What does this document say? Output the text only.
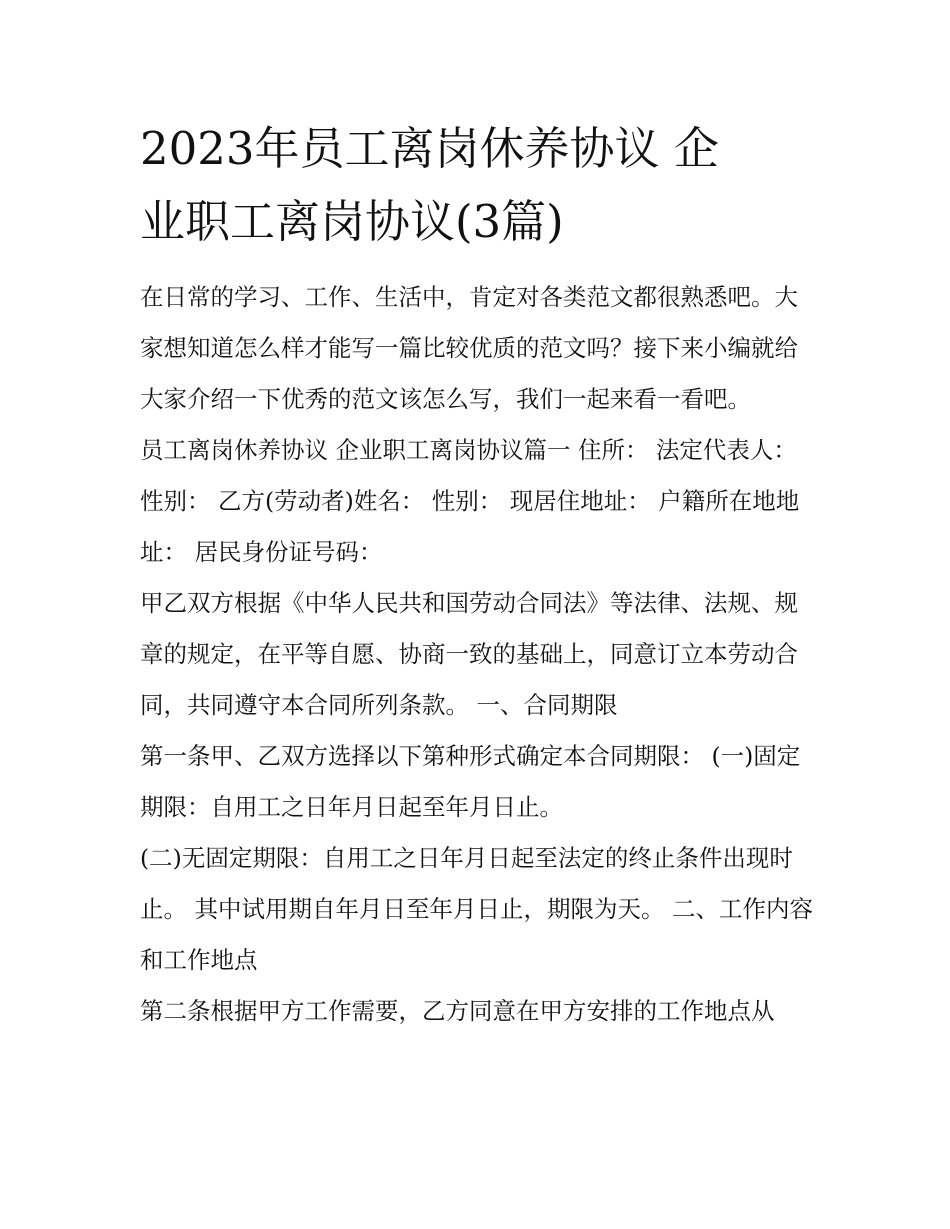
2023年员工离岗休养协议 企
业职工离岗协议(3篇)

在日常的学习、工作、生活中，肯定对各类范文都很熟悉吧。大家想知道怎么样才能写一篇比较优质的范文吗？接下来小编就给大家介绍一下优秀的范文该怎么写，我们一起来看一看吧。

员工离岗休养协议 企业职工离岗协议篇一 住所： 法定代表人： 性别： 乙方(劳动者)姓名： 性别： 现居住地址： 户籍所在地地址： 居民身份证号码：

甲乙双方根据《中华人民共和国劳动合同法》等法律、法规、规章的规定，在平等自愿、协商一致的基础上，同意订立本劳动合同，共同遵守本合同所列条款。 一、合同期限

第一条甲、乙双方选择以下第种形式确定本合同期限： (一)固定期限：自用工之日年月日起至年月日止。

(二)无固定期限：自用工之日年月日起至法定的终止条件出现时止。 其中试用期自年月日至年月日止，期限为天。 二、工作内容和工作地点

第二条根据甲方工作需要，乙方同意在甲方安排的工作地点从
